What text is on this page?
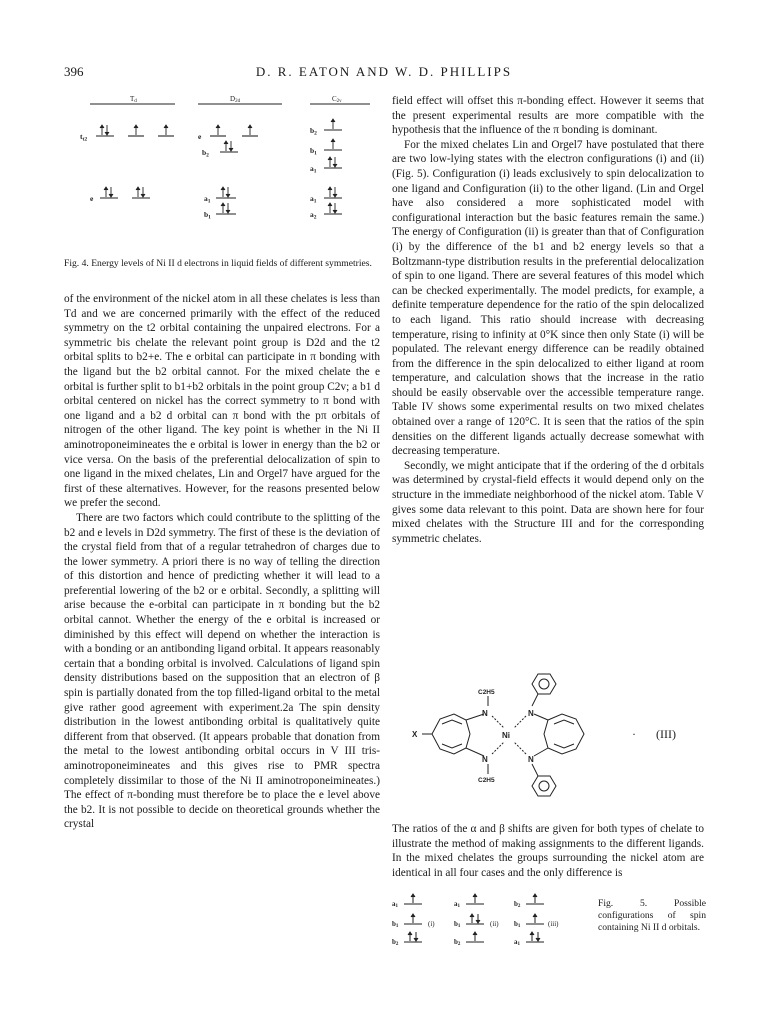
396	D. R. EATON AND W. D. PHILLIPS
Td	D2d	C2v
$t_{t2}$
e
e
$b_2$
$a_1$
$b_1$
$b_2$
$b_1$
$a_1$
$a_1$
$a_2$
Fig. 4. Energy levels of Ni II d electrons in liquid fields of different symmetries.

of the environment of the nickel atom in all these chelates is less than Td and we are concerned primarily with the effect of the reduced symmetry on the t2 orbital containing the unpaired electrons. For a symmetric bis chelate the relevant point group is D2d and the t2 orbital splits to b2+e. The e orbital can participate in π bonding with the ligand but the b2 orbital cannot. For the mixed chelate the e orbital is further split to b1+b2 orbitals in the point group C2v; a b1 d orbital centered on nickel has the correct symmetry to π bond with one ligand and a b2 d orbital can π bond with the pπ orbitals of nitrogen of the other ligand. The key point is whether in the Ni II aminotroponeimineates the e orbital is lower in energy than the b2 or vice versa. On the basis of the preferential delocalization of spin to one ligand in the mixed chelates, Lin and Orgel7 have argued for the first of these alternatives. However, for the reasons presented below we prefer the second.

There are two factors which could contribute to the splitting of the b2 and e levels in D2d symmetry. The first of these is the deviation of the crystal field from that of a regular tetrahedron of charges due to the lower symmetry. A priori there is no way of telling the direction of this distortion and hence of predicting whether it will lead to a preferential lowering of the b2 or e orbital. Secondly, a splitting will arise because the e-orbital can participate in π bonding but the b2 orbital cannot. Whether the energy of the e orbital is increased or diminished by this effect will depend on whether the interaction is with a bonding or an antibonding ligand orbital. It appears reasonably certain that a bonding orbital is involved. Calculations of ligand spin density distributions based on the supposition that an electron of β spin is partially donated from the top filled-ligand orbital to the metal give rather good agreement with experiment.2a The spin density distribution in the lowest antibonding orbital is qualitatively quite different from that observed. (It appears probable that donation from the metal to the lowest antibonding orbital occurs in V III tris-aminotroponeimineates and this gives rise to PMR spectra completely dissimilar to those of the Ni II aminotroponeimineates.) The effect of π-bonding must therefore be to place the e level above the b2. It is not possible to decide on theoretical grounds whether the crystal

field effect will offset this π-bonding effect. However it seems that the present experimental results are more compatible with the hypothesis that the influence of the π bonding is dominant.

For the mixed chelates Lin and Orgel7 have postulated that there are two low-lying states with the electron configurations (i) and (ii) (Fig. 5). Configuration (i) leads exclusively to spin delocalization to one ligand and Configuration (ii) to the other ligand. (Lin and Orgel have also considered a more sophisticated model with configurational interaction but the basic features remain the same.) The energy of Configuration (ii) is greater than that of Configuration (i) by the difference of the b1 and b2 energy levels so that a Boltzmann-type distribution results in the preferential delocalization of spin to one ligand. There are several features of this model which can be checked experimentally. The model predicts, for example, a definite temperature dependence for the ratio of the spin delocalized to each ligand. This ratio should increase with decreasing temperature, rising to infinity at 0°K since then only State (i) will be populated. The relevant energy difference can be readily obtained from the difference in the spin delocalized to either ligand at room temperature, and calculation shows that the increase in the ratio should be easily observable over the accessible temperature range. Table IV shows some experimental results on two mixed chelates obtained over a range of 120°C. It is seen that the ratios of the spin densities on the different ligands actually decrease somewhat with decreasing temperature.

Secondly, we might anticipate that if the ordering of the d orbitals was determined by crystal-field effects it would depend only on the structure in the immediate neighborhood of the nickel atom. Table V gives some data relevant to this point. Data are shown here for four mixed chelates with the Structure III and for the corresponding symmetric chelates.

X
N	N
N	N
Ni
C2H5
C2H5
(III)
·

The ratios of the α and β shifts are given for both types of chelate to illustrate the method of making assignments to the different ligands. In the mixed chelates the groups surrounding the nickel atom are identical in all four cases and the only difference is

a1
b1
b2
a1
b1
b2
b2
b1
a1
(i)	(ii)	(iii)
Fig. 5. Possible configurations of spin containing Ni II d orbitals.
